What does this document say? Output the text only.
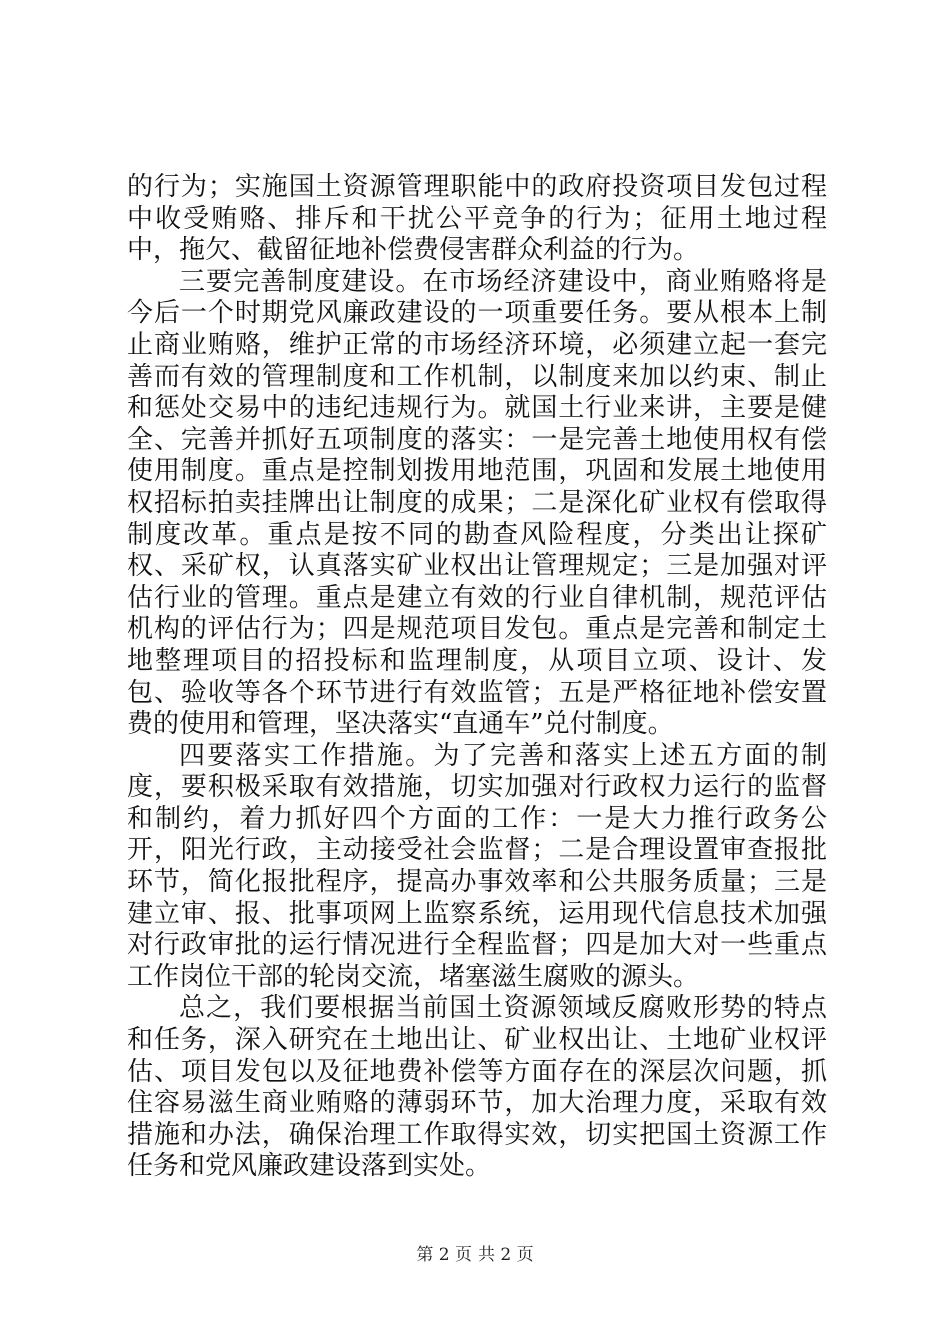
的行为；实施国土资源管理职能中的政府投资项目发包过程中收受贿赂、排斥和干扰公平竞争的行为；征用土地过程中，拖欠、截留征地补偿费侵害群众利益的行为。

三要完善制度建设。在市场经济建设中，商业贿赂将是今后一个时期党风廉政建设的一项重要任务。要从根本上制止商业贿赂，维护正常的市场经济环境，必须建立起一套完善而有效的管理制度和工作机制，以制度来加以约束、制止和惩处交易中的违纪违规行为。就国土行业来讲，主要是健全、完善并抓好五项制度的落实：一是完善土地使用权有偿使用制度。重点是控制划拨用地范围，巩固和发展土地使用权招标拍卖挂牌出让制度的成果；二是深化矿业权有偿取得制度改革。重点是按不同的勘查风险程度，分类出让探矿权、采矿权，认真落实矿业权出让管理规定；三是加强对评估行业的管理。重点是建立有效的行业自律机制，规范评估机构的评估行为；四是规范项目发包。重点是完善和制定土地整理项目的招投标和监理制度，从项目立项、设计、发包、验收等各个环节进行有效监管；五是严格征地补偿安置费的使用和管理，坚决落实“直通车”兑付制度。

四要落实工作措施。为了完善和落实上述五方面的制度，要积极采取有效措施，切实加强对行政权力运行的监督和制约，着力抓好四个方面的工作：一是大力推行政务公开，阳光行政，主动接受社会监督；二是合理设置审查报批环节，简化报批程序，提高办事效率和公共服务质量；三是建立审、报、批事项网上监察系统，运用现代信息技术加强对行政审批的运行情况进行全程监督；四是加大对一些重点工作岗位干部的轮岗交流，堵塞滋生腐败的源头。

总之，我们要根据当前国土资源领域反腐败形势的特点和任务，深入研究在土地出让、矿业权出让、土地矿业权评估、项目发包以及征地费补偿等方面存在的深层次问题，抓住容易滋生商业贿赂的薄弱环节，加大治理力度，采取有效措施和办法，确保治理工作取得实效，切实把国土资源工作任务和党风廉政建设落到实处。

第 2 页 共 2 页
